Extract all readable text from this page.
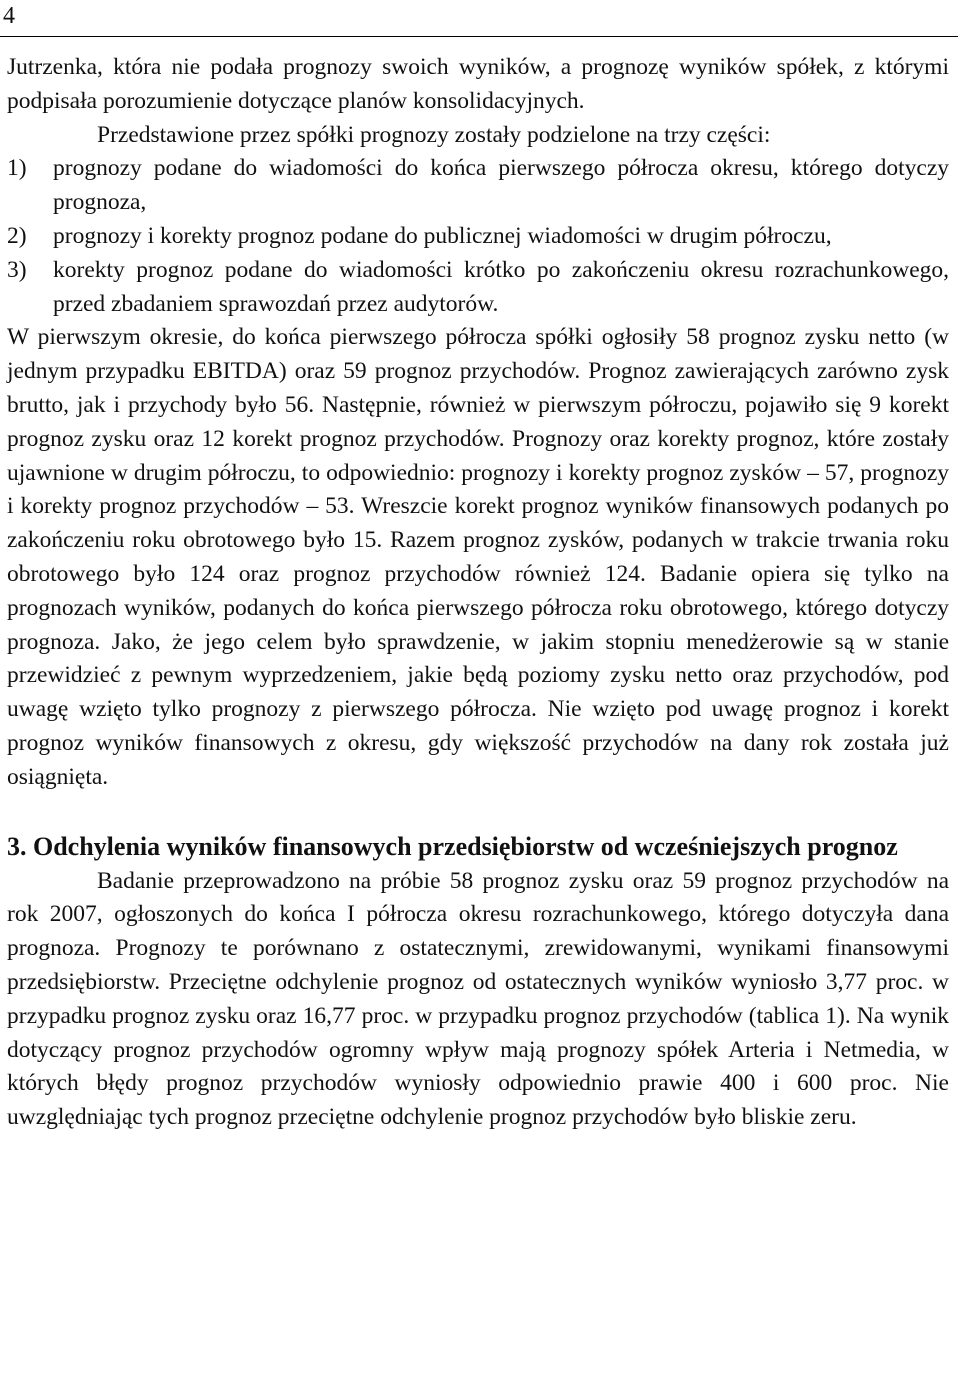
4

Jutrzenka, która nie podała prognozy swoich wyników, a prognozę wyników spółek, z którymi podpisała porozumienie dotyczące planów konsolidacyjnych.

Przedstawione przez spółki prognozy zostały podzielone na trzy części:

1) prognozy podane do wiadomości do końca pierwszego półrocza okresu, którego dotyczy prognoza,
2) prognozy i korekty prognoz podane do publicznej wiadomości w drugim półroczu,
3) korekty prognoz podane do wiadomości krótko po zakończeniu okresu rozrachunkowego, przed zbadaniem sprawozdań przez audytorów.

W pierwszym okresie, do końca pierwszego półrocza spółki ogłosiły 58 prognoz zysku netto (w jednym przypadku EBITDA) oraz 59 prognoz przychodów. Prognoz zawierających zarówno zysk brutto, jak i przychody było 56. Następnie, również w pierwszym półroczu, pojawiło się 9 korekt prognoz zysku oraz 12 korekt prognoz przychodów. Prognozy oraz korekty prognoz, które zostały ujawnione w drugim półroczu, to odpowiednio: prognozy i korekty prognoz zysków – 57, prognozy i korekty prognoz przychodów – 53. Wreszcie korekt prognoz wyników finansowych podanych po zakończeniu roku obrotowego było 15. Razem prognoz zysków, podanych w trakcie trwania roku obrotowego było 124 oraz prognoz przychodów również 124. Badanie opiera się tylko na prognozach wyników, podanych do końca pierwszego półrocza roku obrotowego, którego dotyczy prognoza. Jako, że jego celem było sprawdzenie, w jakim stopniu menedżerowie są w stanie przewidzieć z pewnym wyprzedzeniem, jakie będą poziomy zysku netto oraz przychodów, pod uwagę wzięto tylko prognozy z pierwszego półrocza. Nie wzięto pod uwagę prognoz i korekt prognoz wyników finansowych z okresu, gdy większość przychodów na dany rok została już osiągnięta.

3. Odchylenia wyników finansowych przedsiębiorstw od wcześniejszych prognoz

Badanie przeprowadzono na próbie 58 prognoz zysku oraz 59 prognoz przychodów na rok 2007, ogłoszonych do końca I półrocza okresu rozrachunkowego, którego dotyczyła dana prognoza. Prognozy te porównano z ostatecznymi, zrewidowanymi, wynikami finansowymi przedsiębiorstw. Przeciętne odchylenie prognoz od ostatecznych wyników wyniosło 3,77 proc. w przypadku prognoz zysku oraz 16,77 proc. w przypadku prognoz przychodów (tablica 1). Na wynik dotyczący prognoz przychodów ogromny wpływ mają prognozy spółek Arteria i Netmedia, w których błędy prognoz przychodów wyniosły odpowiednio prawie 400 i 600 proc. Nie uwzględniając tych prognoz przeciętne odchylenie prognoz przychodów było bliskie zeru.
